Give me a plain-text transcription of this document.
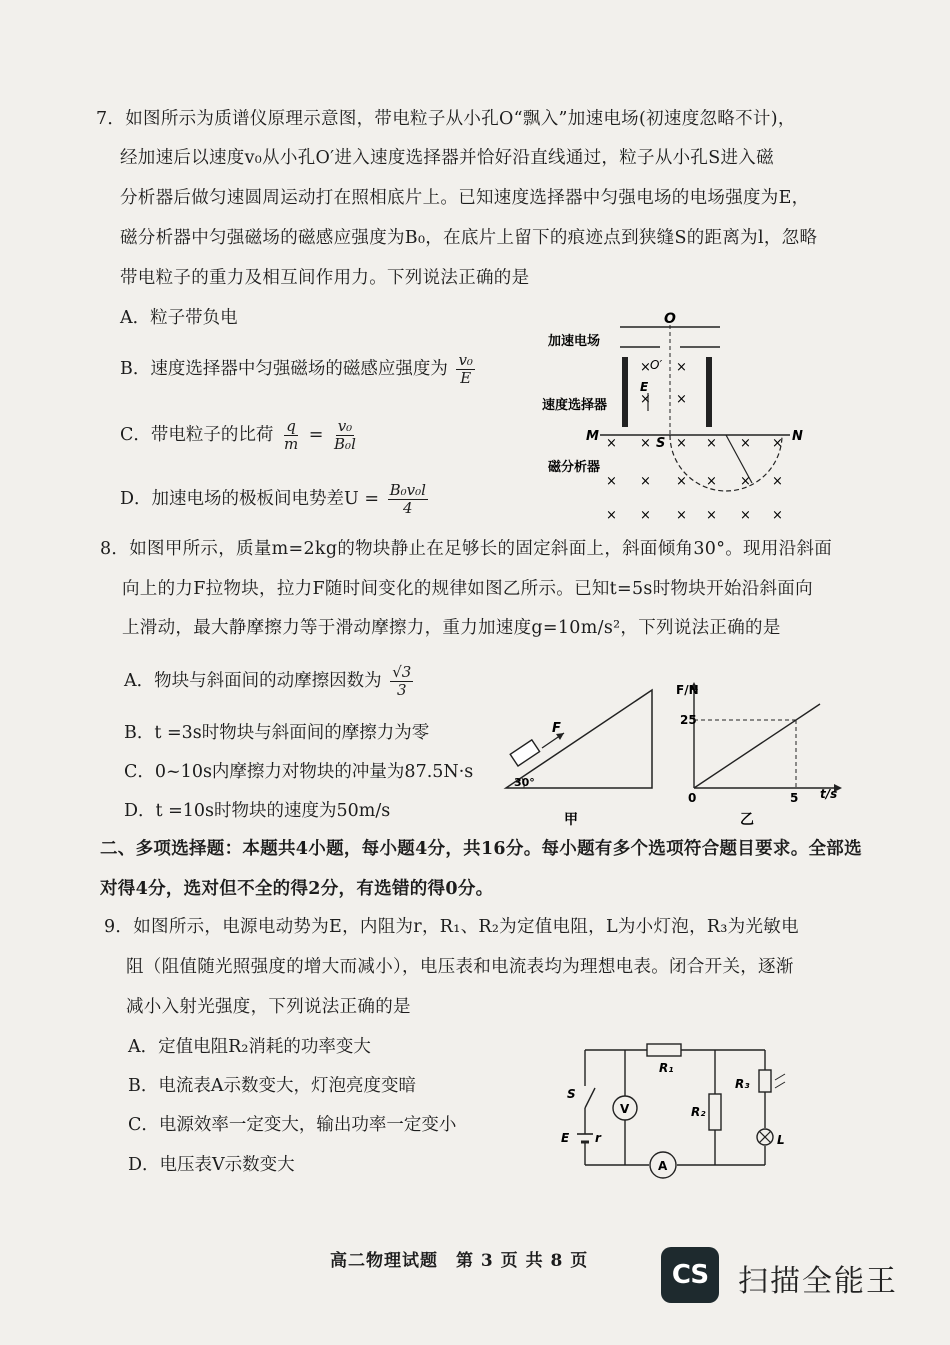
7．如图所示为质谱仪原理示意图，带电粒子从小孔O“飘入”加速电场(初速度忽略不计)，
经加速后以速度v₀从小孔O′进入速度选择器并恰好沿直线通过，粒子从小孔S进入磁
分析器后做匀速圆周运动打在照相底片上。已知速度选择器中匀强电场的电场强度为E，
磁分析器中匀强磁场的磁感应强度为B₀，在底片上留下的痕迹点到狭缝S的距离为l，忽略
带电粒子的重力及相互间作用力。下列说法正确的是
A．粒子带负电
B．速度选择器中匀强磁场的磁感应强度为 $\frac{\text{v₀}}{E}$
C．带电粒子的比荷 $\frac{q}{m} = \frac{\text{v₀}}{\text{B₀l}}$
D．加速电场的极板间电势差$U = \frac{\text{B₀v₀l}}{4}$
O
加速电场
× O′ ×
× ×
E
速度选择器
M	N
S
磁分析器
× × × × × ×
× × × × × ×
× × × × × ×
8．如图甲所示，质量m=2kg的物块静止在足够长的固定斜面上，斜面倾角30°。现用沿斜面
向上的力F拉物块，拉力F随时间变化的规律如图乙所示。已知t=5s时物块开始沿斜面向
上滑动，最大静摩擦力等于滑动摩擦力，重力加速度g=10m/s²，下列说法正确的是
A．物块与斜面间的动摩擦因数为 $\frac{√3}{3}$
B．t =3s时物块与斜面间的摩擦力为零
C．0~10s内摩擦力对物块的冲量为87.5N·s
D．t =10s时物块的速度为50m/s
F
30°
甲
F/N
t/s
25
5
0
乙
二、多项选择题：本题共4小题，每小题4分，共16分。每小题有多个选项符合题目要求。全部选
对得4分，选对但不全的得2分，有选错的得0分。
9．如图所示，电源电动势为E，内阻为r，R₁、R₂为定值电阻，L为小灯泡，R₃为光敏电
阻（阻值随光照强度的增大而减小），电压表和电流表均为理想电表。闭合开关，逐渐
减小入射光强度，下列说法正确的是
A．定值电阻R₂消耗的功率变大
B．电流表A示数变大，灯泡亮度变暗
C．电源效率一定变大，输出功率一定变小
D．电压表V示数变大
R₁
R₂
R₃
L
V
A
S
E r
高二物理试题　第 3 页 共 8 页	CS 扫描全能王
